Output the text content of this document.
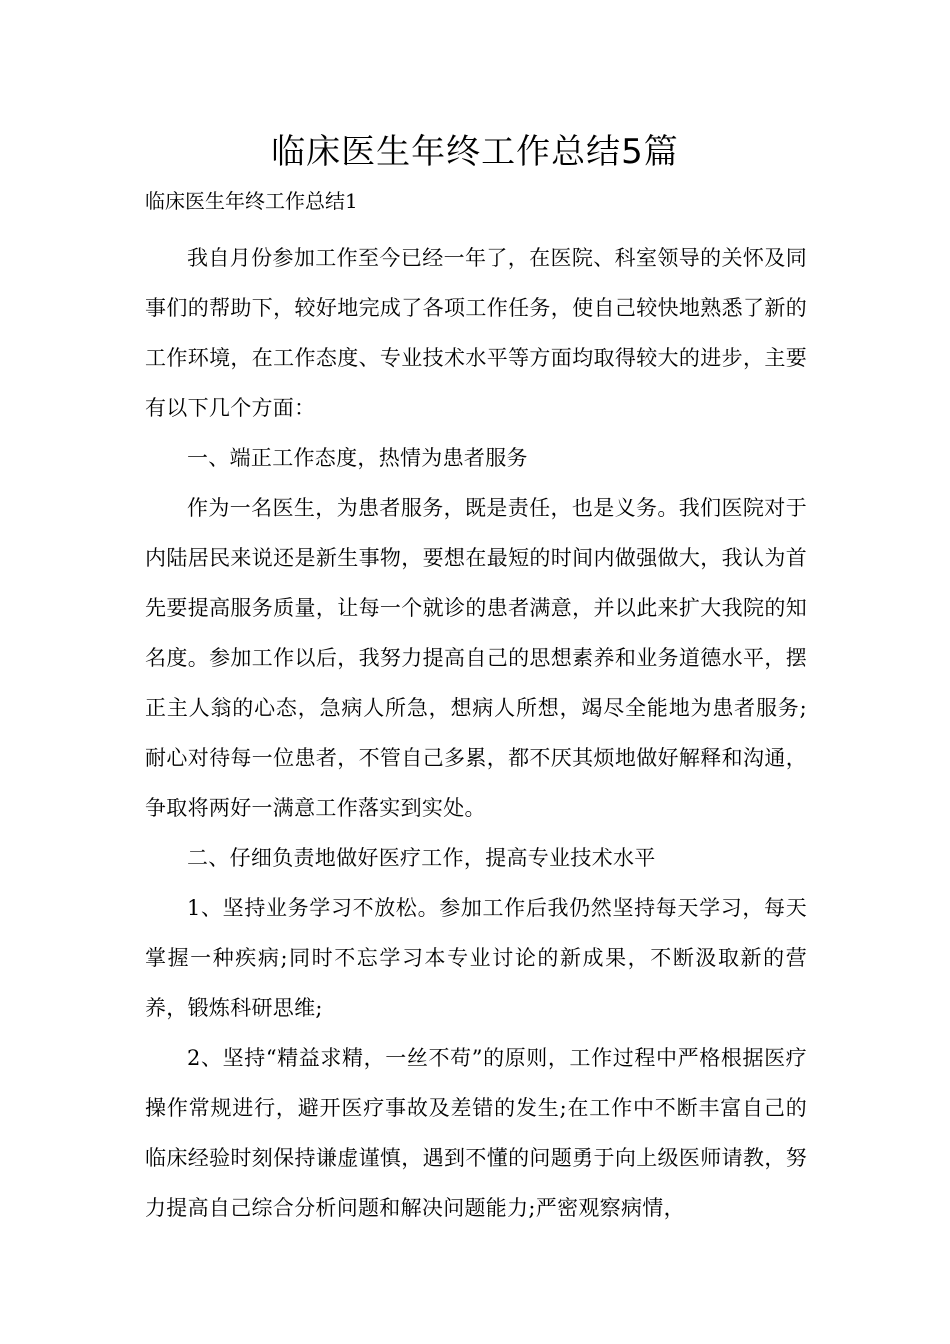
临床医生年终工作总结5篇
临床医生年终工作总结1

我自月份参加工作至今已经一年了，在医院、科室领导的关怀及同事们的帮助下，较好地完成了各项工作任务，使自己较快地熟悉了新的工作环境，在工作态度、专业技术水平等方面均取得较大的进步，主要有以下几个方面：

一、端正工作态度，热情为患者服务

作为一名医生，为患者服务，既是责任，也是义务。我们医院对于内陆居民来说还是新生事物，要想在最短的时间内做强做大，我认为首先要提高服务质量，让每一个就诊的患者满意，并以此来扩大我院的知名度。参加工作以后，我努力提高自己的思想素养和业务道德水平，摆正主人翁的心态，急病人所急，想病人所想，竭尽全能地为患者服务;耐心对待每一位患者，不管自己多累，都不厌其烦地做好解释和沟通，争取将两好一满意工作落实到实处。

二、仔细负责地做好医疗工作，提高专业技术水平

1、坚持业务学习不放松。参加工作后我仍然坚持每天学习，每天掌握一种疾病;同时不忘学习本专业讨论的新成果，不断汲取新的营养，锻炼科研思维;

2、坚持“精益求精，一丝不苟”的原则，工作过程中严格根据医疗操作常规进行，避开医疗事故及差错的发生;在工作中不断丰富自己的临床经验时刻保持谦虚谨慎，遇到不懂的问题勇于向上级医师请教，努力提高自己综合分析问题和解决问题能力;严密观察病情，
